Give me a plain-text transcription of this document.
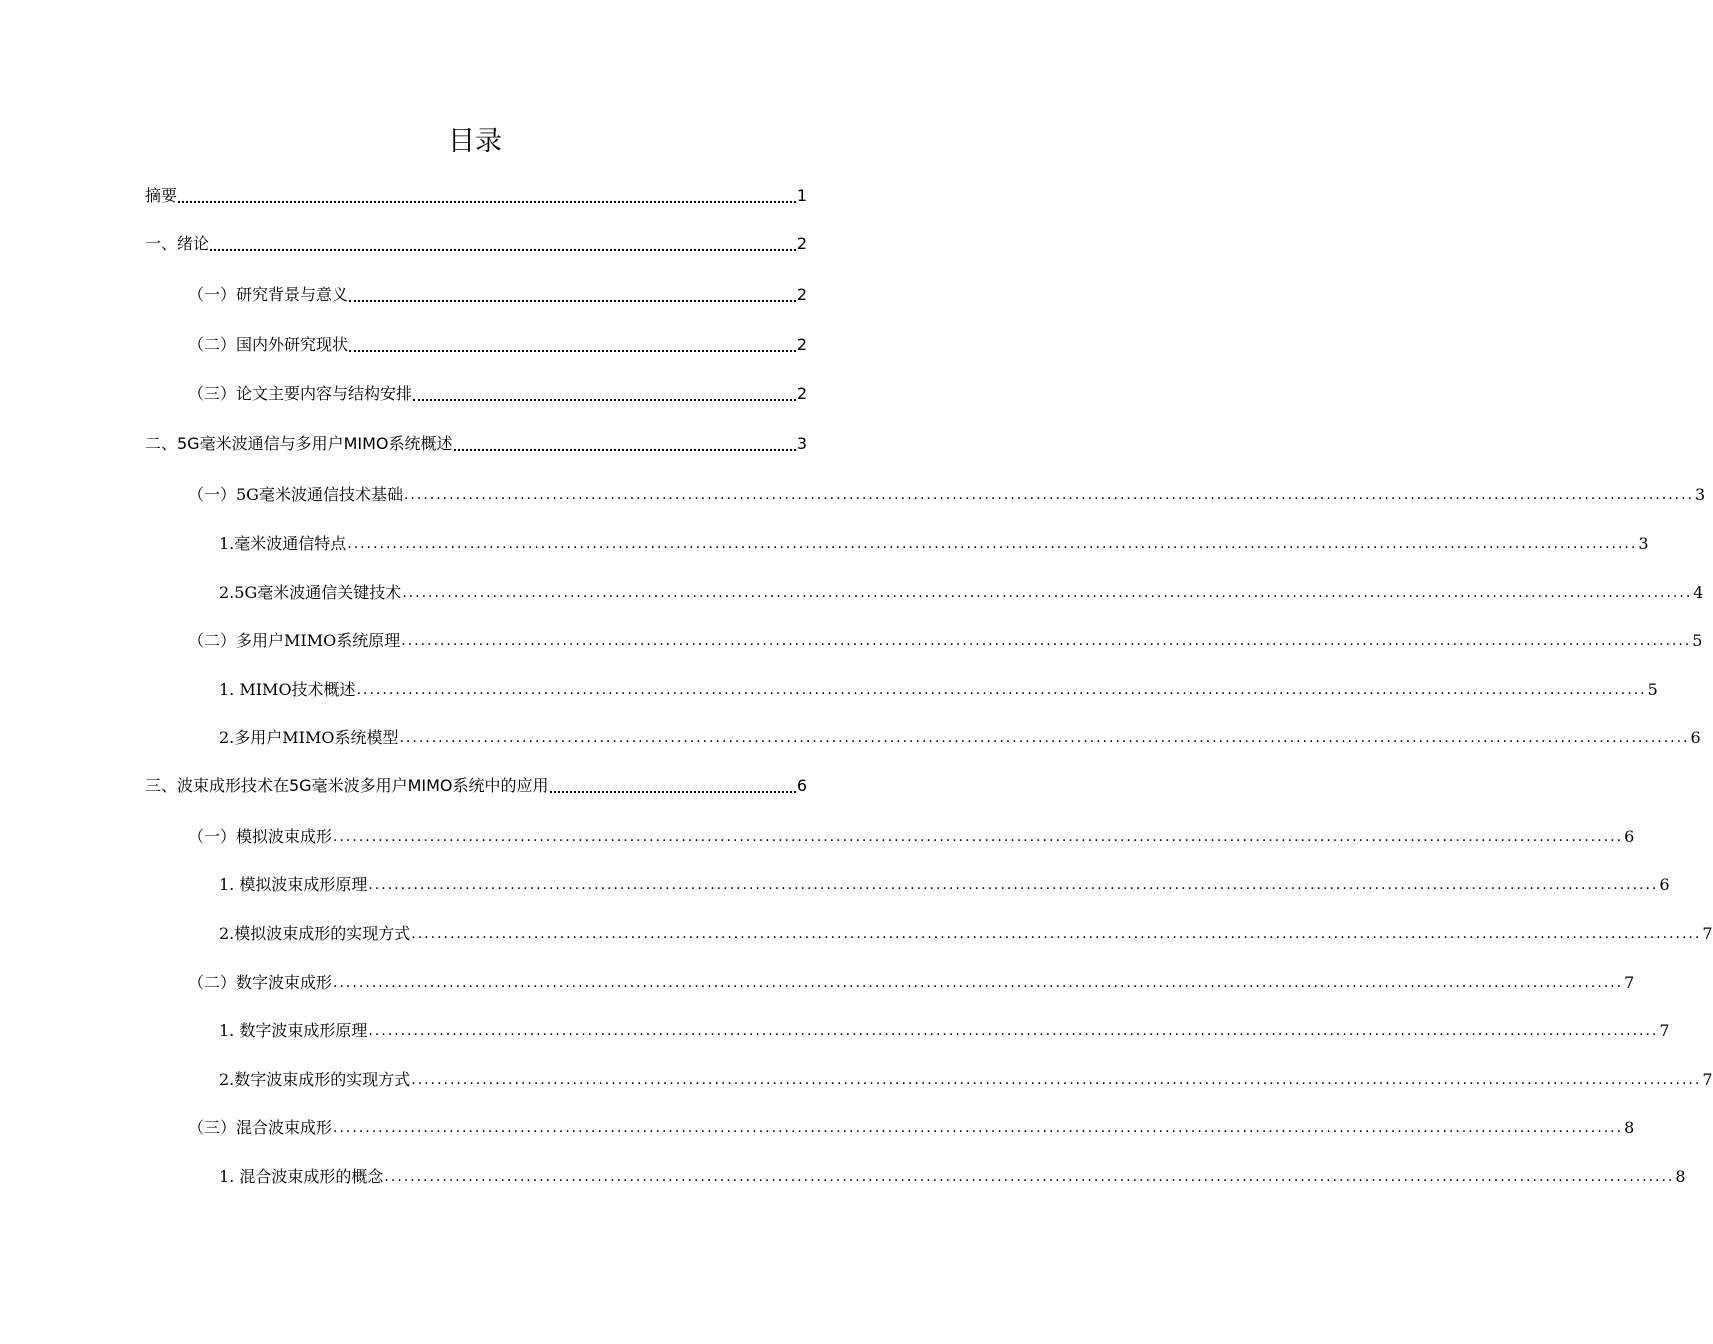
目录
摘要	1
一、绪论	2
（一）研究背景与意义	2
（二）国内外研究现状	2
（三）论文主要内容与结构安排	2
二、5G毫米波通信与多用户MIMO系统概述	3
（一）5G毫米波通信技术基础 ........................................................................................................................................................................................................ 3
1.毫米波通信特点 ........................................................................................................................................................................................................ 3
2.5G毫米波通信关键技术 ........................................................................................................................................................................................................ 4
（二）多用户MIMO系统原理 ........................................................................................................................................................................................................ 5
1. MIMO技术概述 ........................................................................................................................................................................................................ 5
2.多用户MIMO系统模型 ........................................................................................................................................................................................................ 6
三、波束成形技术在5G毫米波多用户MIMO系统中的应用	6
（一）模拟波束成形 ........................................................................................................................................................................................................ 6
1. 模拟波束成形原理 ........................................................................................................................................................................................................ 6
2.模拟波束成形的实现方式 ........................................................................................................................................................................................................ 7
（二）数字波束成形 ........................................................................................................................................................................................................ 7
1. 数字波束成形原理 ........................................................................................................................................................................................................ 7
2.数字波束成形的实现方式 ........................................................................................................................................................................................................ 7
（三）混合波束成形 ........................................................................................................................................................................................................ 8
1. 混合波束成形的概念 ........................................................................................................................................................................................................ 8
